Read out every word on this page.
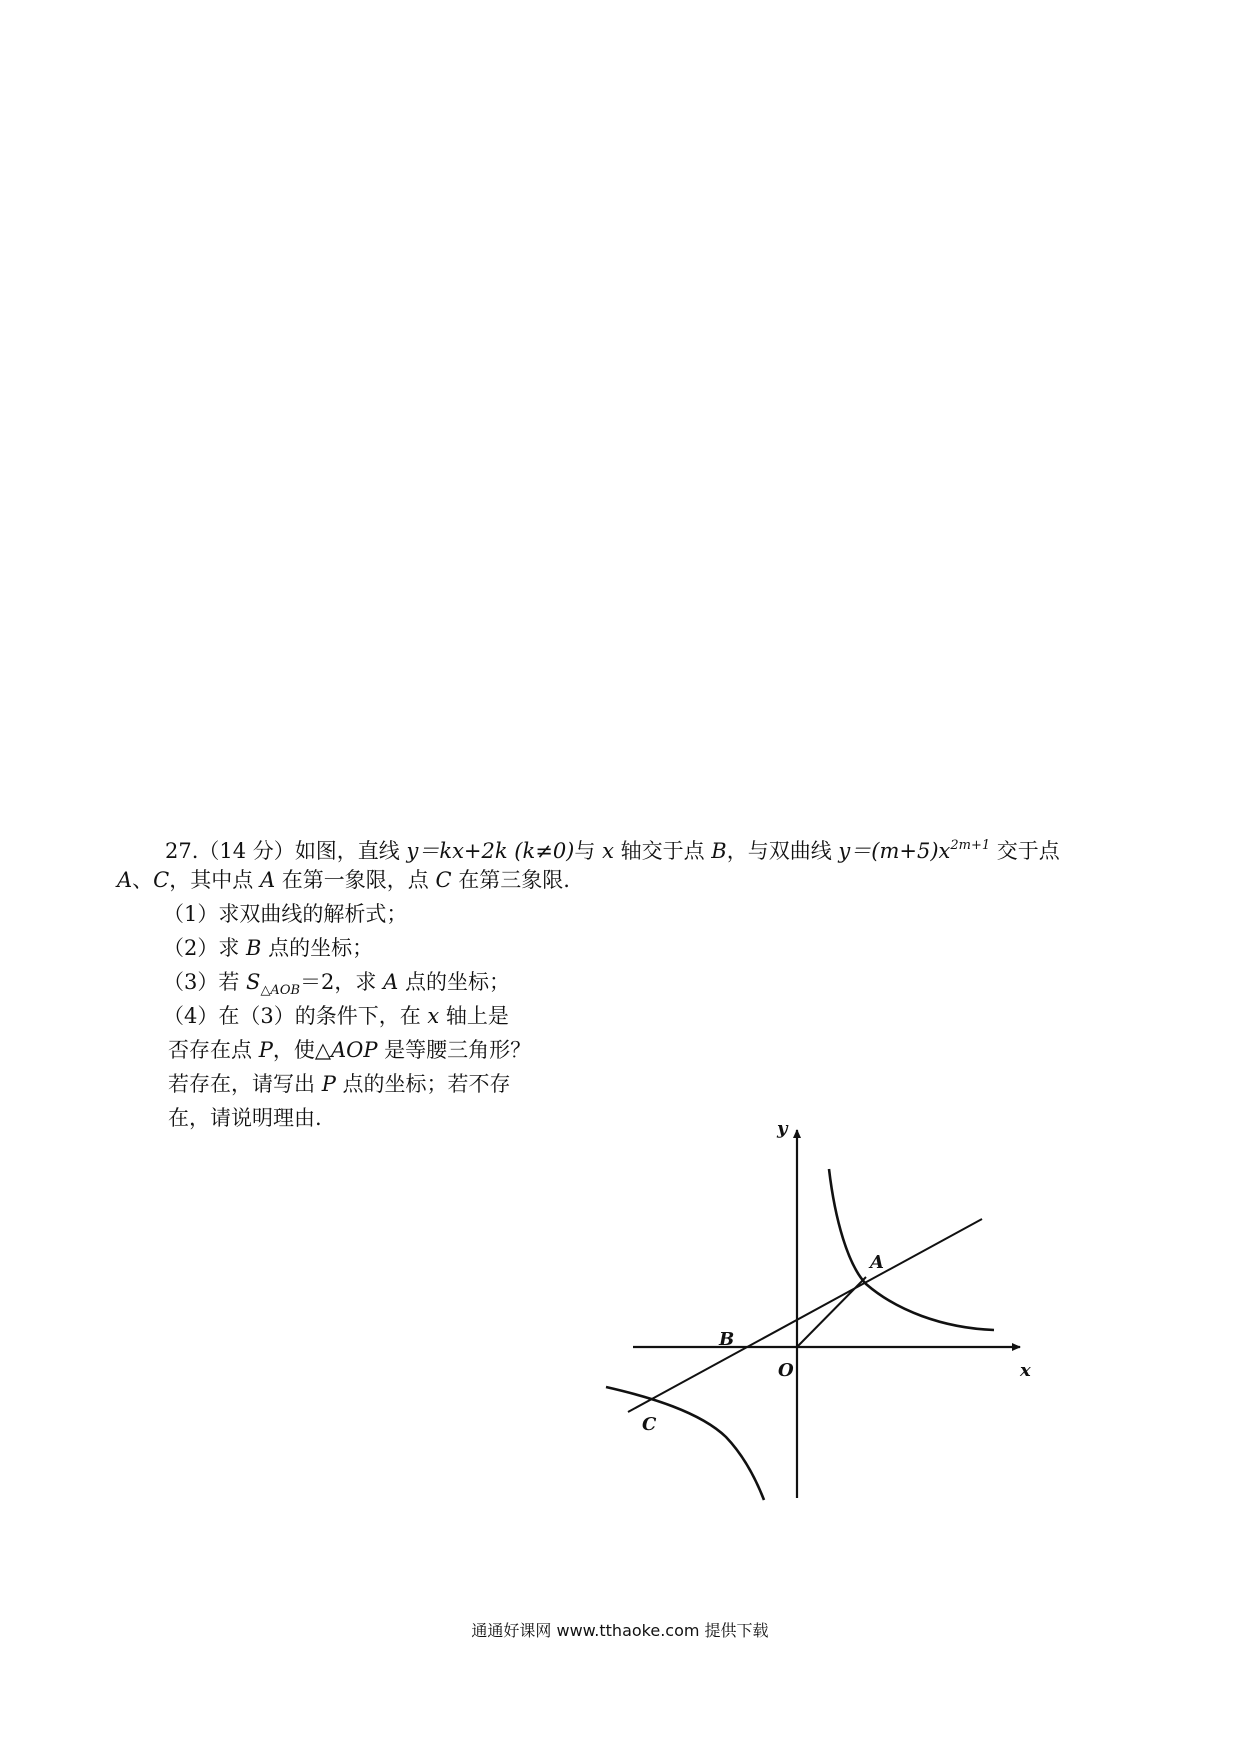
27.（14 分）如图，直线 y＝kx+2k (k≠0)与 x 轴交于点 B，与双曲线 $y=(m+5)x^{2m+1}$ 交于点
A、C，其中点 A 在第一象限，点 C 在第三象限.
（1）求双曲线的解析式；
（2）求 B 点的坐标；
（3）若 $S_{\triangle AOB}=2$，求 A 点的坐标；
（4）在（3）的条件下，在 x 轴上是
否存在点 P，使△AOP 是等腰三角形？
若存在，请写出 P 点的坐标；若不存
在，请说明理由.	y
x
A
B
C
O
通通好课网 www.tthaoke.com 提供下载
